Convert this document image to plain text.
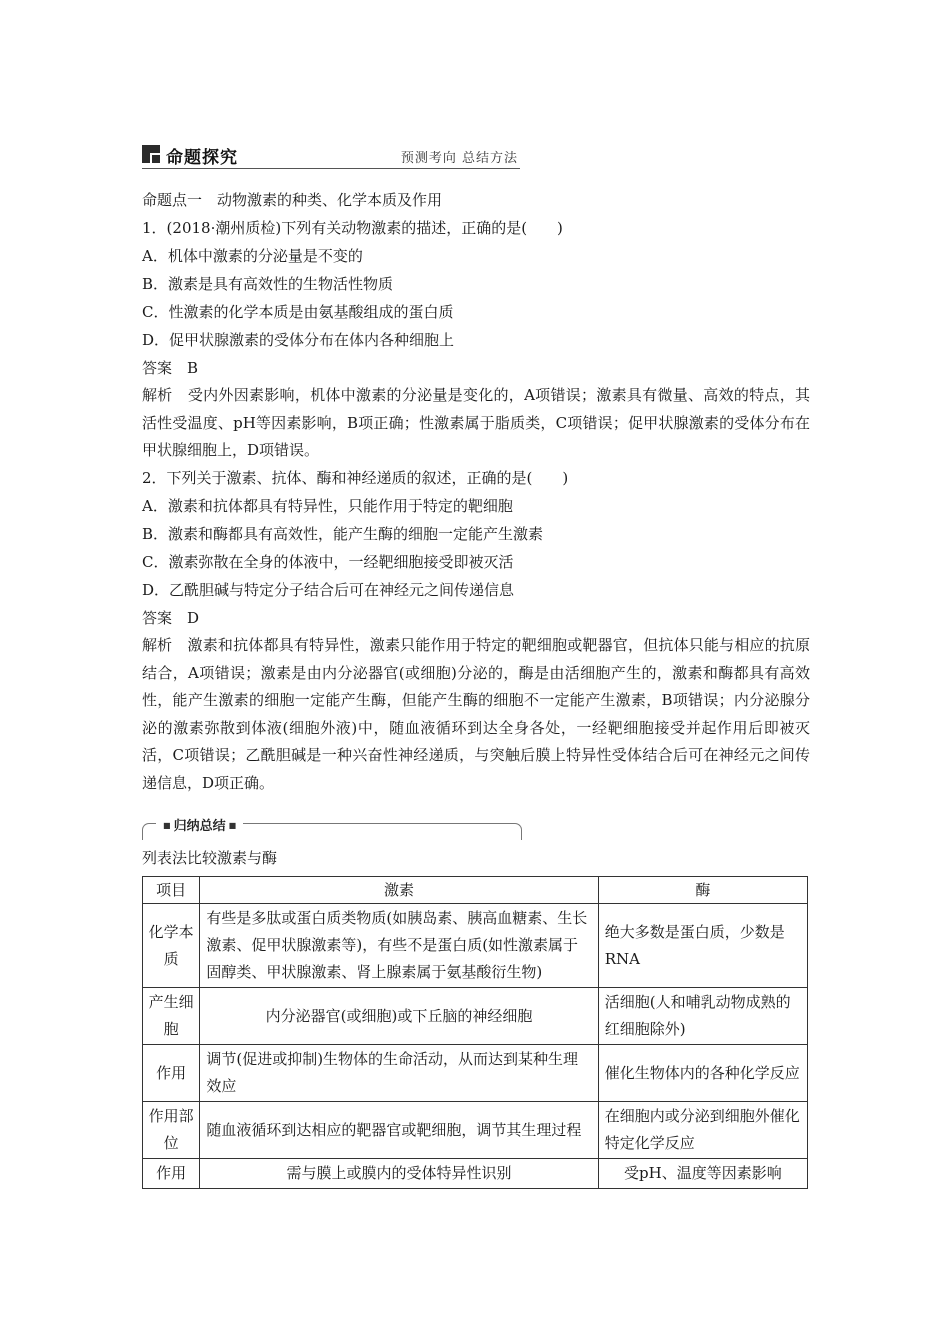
命题探究	预测考向 总结方法
命题点一　动物激素的种类、化学本质及作用
1．(2018·潮州质检)下列有关动物激素的描述，正确的是(　　)
A．机体中激素的分泌量是不变的
B．激素是具有高效性的生物活性物质
C．性激素的化学本质是由氨基酸组成的蛋白质
D．促甲状腺激素的受体分布在体内各种细胞上
答案　B
解析　受内外因素影响，机体中激素的分泌量是变化的，A项错误；激素具有微量、高效的特点，其活性受温度、pH等因素影响，B项正确；性激素属于脂质类，C项错误；促甲状腺激素的受体分布在甲状腺细胞上，D项错误。
2．下列关于激素、抗体、酶和神经递质的叙述，正确的是(　　)
A．激素和抗体都具有特异性，只能作用于特定的靶细胞
B．激素和酶都具有高效性，能产生酶的细胞一定能产生激素
C．激素弥散在全身的体液中，一经靶细胞接受即被灭活
D．乙酰胆碱与特定分子结合后可在神经元之间传递信息
答案　D
解析　激素和抗体都具有特异性，激素只能作用于特定的靶细胞或靶器官，但抗体只能与相应的抗原结合，A项错误；激素是由内分泌器官(或细胞)分泌的，酶是由活细胞产生的，激素和酶都具有高效性，能产生激素的细胞一定能产生酶，但能产生酶的细胞不一定能产生激素，B项错误；内分泌腺分泌的激素弥散到体液(细胞外液)中，随血液循环到达全身各处，一经靶细胞接受并起作用后即被灭活，C项错误；乙酰胆碱是一种兴奋性神经递质，与突触后膜上特异性受体结合后可在神经元之间传递信息，D项正确。
■ 归纳总结 ■
列表法比较激素与酶
项目	激素	酶
化学本质	有些是多肽或蛋白质类物质(如胰岛素、胰高血糖素、生长激素、促甲状腺激素等)，有些不是蛋白质(如性激素属于固醇类、甲状腺激素、肾上腺素属于氨基酸衍生物)	绝大多数是蛋白质，少数是RNA
产生细胞	内分泌器官(或细胞)或下丘脑的神经细胞	活细胞(人和哺乳动物成熟的红细胞除外)
作用	调节(促进或抑制)生物体的生命活动，从而达到某种生理效应	催化生物体内的各种化学反应
作用部位	随血液循环到达相应的靶器官或靶细胞，调节其生理过程	在细胞内或分泌到细胞外催化特定化学反应
作用	需与膜上或膜内的受体特异性识别	受pH、温度等因素影响
